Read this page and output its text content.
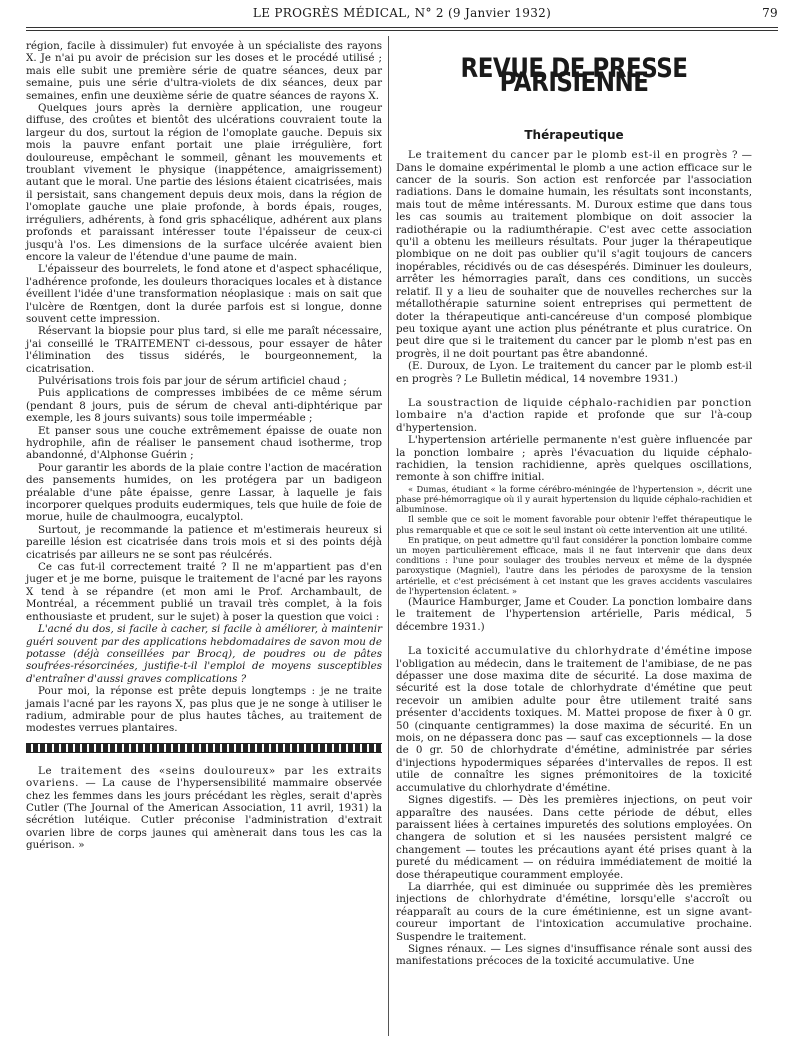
LE PROGRÈS MÉDICAL, N° 2 (9 Janvier 1932)	79

région, facile à dissimuler) fut envoyée à un spécialiste des rayons X. Je n'ai pu avoir de précision sur les doses et le procédé utilisé ; mais elle subit une première série de quatre séances, deux par semaine, puis une série d'ultra-violets de dix séances, deux par semaines, enfin une deuxième série de quatre séances de rayons X.

Quelques jours après la dernière application, une rougeur diffuse, des croûtes et bientôt des ulcérations couvraient toute la largeur du dos, surtout la région de l'omoplate gauche. Depuis six mois la pauvre enfant portait une plaie irrégulière, fort douloureuse, empêchant le sommeil, gênant les mouvements et troublant vivement le physique (inappétence, amaigrissement) autant que le moral. Une partie des lésions étaient cicatrisées, mais il persistait, sans changement depuis deux mois, dans la région de l'omoplate gauche une plaie profonde, à bords épais, rouges, irréguliers, adhérents, à fond gris sphacélique, adhérent aux plans profonds et paraissant intéresser toute l'épaisseur de ceux-ci jusqu'à l'os. Les dimensions de la surface ulcérée avaient bien encore la valeur de l'étendue d'une paume de main.

L'épaisseur des bourrelets, le fond atone et d'aspect sphacélique, l'adhérence profonde, les douleurs thoraciques locales et à distance éveillent l'idée d'une transformation néoplasique : mais on sait que l'ulcère de Rœntgen, dont la durée parfois est si longue, donne souvent cette impression.

Réservant la biopsie pour plus tard, si elle me paraît nécessaire, j'ai conseillé le TRAITEMENT ci-dessous, pour essayer de hâter l'élimination des tissus sidérés, le bourgeonnement, la cicatrisation.

Pulvérisations trois fois par jour de sérum artificiel chaud ;

Puis applications de compresses imbibées de ce même sérum (pendant 8 jours, puis de sérum de cheval anti-diphtérique par exemple, les 8 jours suivants) sous toile imperméable ;

Et panser sous une couche extrêmement épaisse de ouate non hydrophile, afin de réaliser le pansement chaud isotherme, trop abandonné, d'Alphonse Guérin ;

Pour garantir les abords de la plaie contre l'action de macération des pansements humides, on les protégera par un badigeon préalable d'une pâte épaisse, genre Lassar, à laquelle je fais incorporer quelques produits eudermiques, tels que huile de foie de morue, huile de chaulmoogra, eucalyptol.

Surtout, je recommande la patience et m'estimerais heureux si pareille lésion est cicatrisée dans trois mois et si des points déjà cicatrisés par ailleurs ne se sont pas réulcérés.

Ce cas fut-il correctement traité ? Il ne m'appartient pas d'en juger et je me borne, puisque le traitement de l'acné par les rayons X tend à se répandre (et mon ami le Prof. Archambault, de Montréal, a récemment publié un travail très complet, à la fois enthousiaste et prudent, sur le sujet) à poser la question que voici :

L'acné du dos, si facile à cacher, si facile à améliorer, à maintenir guéri souvent par des applications hebdomadaires de savon mou de potasse (déjà conseillées par Brocq), de poudres ou de pâtes soufrées-résorcinées, justifie-t-il l'emploi de moyens susceptibles d'entraîner d'aussi graves complications ?

Pour moi, la réponse est prête depuis longtemps : je ne traite jamais l'acné par les rayons X, pas plus que je ne songe à utiliser le radium, admirable pour de plus hautes tâches, au traitement de modestes verrues plantaires.

Le traitement des «seins douloureux» par les extraits ovariens. — La cause de l'hypersensibilité mammaire observée chez les femmes dans les jours précédant les règles, serait d'après Cutler (The Journal of the American Association, 11 avril, 1931) la sécrétion lutéique. Cutler préconise l'administration d'extrait ovarien libre de corps jaunes qui amènerait dans tous les cas la guérison. »

REVUE DE PRESSE PARISIENNE
Thérapeutique

Le traitement du cancer par le plomb est-il en progrès ? — Dans le domaine expérimental le plomb a une action efficace sur le cancer de la souris. Son action est renforcée par l'association radiations. Dans le domaine humain, les résultats sont inconstants, mais tout de même intéressants. M. Duroux estime que dans tous les cas soumis au traitement plombique on doit associer la radiothérapie ou la radiumthérapie. C'est avec cette association qu'il a obtenu les meilleurs résultats. Pour juger la thérapeutique plombique on ne doit pas oublier qu'il s'agit toujours de cancers inopérables, récidivés ou de cas désespérés. Diminuer les douleurs, arrêter les hémorragies paraît, dans ces conditions, un succès relatif. Il y a lieu de souhaiter que de nouvelles recherches sur la métallothérapie saturnine soient entreprises qui permettent de doter la thérapeutique anti-cancéreuse d'un composé plombique peu toxique ayant une action plus pénétrante et plus curatrice. On peut dire que si le traitement du cancer par le plomb n'est pas en progrès, il ne doit pourtant pas être abandonné.

(E. Duroux, de Lyon. Le traitement du cancer par le plomb est-il en progrès ? Le Bulletin médical, 14 novembre 1931.)

La soustraction de liquide céphalo-rachidien par ponction lombaire n'a d'action rapide et profonde que sur l'à-coup d'hypertension.

L'hypertension artérielle permanente n'est guère influencée par la ponction lombaire ; après l'évacuation du liquide céphalo-rachidien, la tension rachidienne, après quelques oscillations, remonte à son chiffre initial.

« Dumas, étudiant « la forme cérébro-méningée de l'hypertension », décrit une phase pré-hémorragique où il y aurait hypertension du liquide céphalo-rachidien et albuminose.

Il semble que ce soit le moment favorable pour obtenir l'effet thérapeutique le plus remarquable et que ce soit le seul instant où cette intervention ait une utilité.

En pratique, on peut admettre qu'il faut considérer la ponction lombaire comme un moyen particulièrement efficace, mais il ne faut intervenir que dans deux conditions : l'une pour soulager des troubles nerveux et même de la dyspnée paroxystique (Magniel), l'autre dans les périodes de paroxysme de la tension artérielle, et c'est précisément à cet instant que les graves accidents vasculaires de l'hypertension éclatent. »

(Maurice Hamburger, Jame et Couder. La ponction lombaire dans le traitement de l'hypertension artérielle, Paris médical, 5 décembre 1931.)

La toxicité accumulative du chlorhydrate d'émétine impose l'obligation au médecin, dans le traitement de l'amibiase, de ne pas dépasser une dose maxima dite de sécurité. La dose maxima de sécurité est la dose totale de chlorhydrate d'émétine que peut recevoir un amibien adulte pour être utilement traité sans présenter d'accidents toxiques. M. Mattei propose de fixer à 0 gr. 50 (cinquante centigrammes) la dose maxima de sécurité. En un mois, on ne dépassera donc pas — sauf cas exceptionnels — la dose de 0 gr. 50 de chlorhydrate d'émétine, administrée par séries d'injections hypodermiques séparées d'intervalles de repos. Il est utile de connaître les signes prémonitoires de la toxicité accumulative du chlorhydrate d'émétine.

Signes digestifs. — Dès les premières injections, on peut voir apparaître des nausées. Dans cette période de début, elles paraissent liées à certaines impuretés des solutions employées. On changera de solution et si les nausées persistent malgré ce changement — toutes les précautions ayant été prises quant à la pureté du médicament — on réduira immédiatement de moitié la dose thérapeutique couramment employée.

La diarrhée, qui est diminuée ou supprimée dès les premières injections de chlorhydrate d'émétine, lorsqu'elle s'accroît ou réapparaît au cours de la cure émétinienne, est un signe avant-coureur important de l'intoxication accumulative prochaine. Suspendre le traitement.

Signes rénaux. — Les signes d'insuffisance rénale sont aussi des manifestations précoces de la toxicité accumulative. Une
